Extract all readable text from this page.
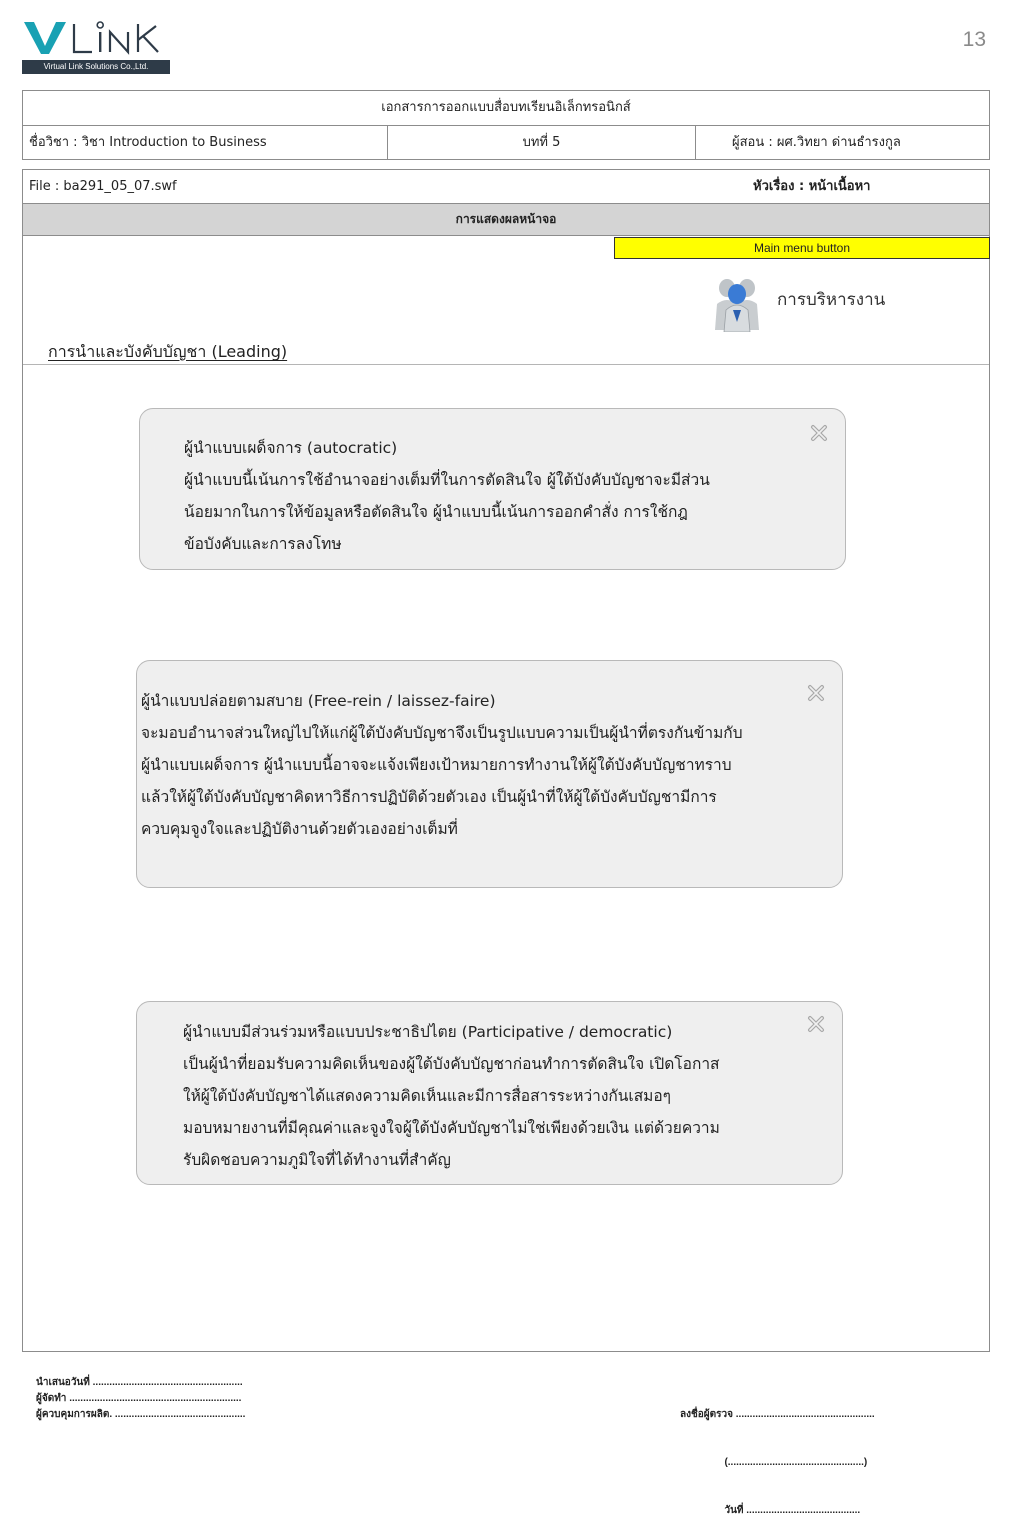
Virtual Link Solutions Co.,Ltd.
13
เอกสารการออกแบบสื่อบทเรียนอิเล็กทรอนิกส์
ชื่อวิชา : วิชา Introduction to Business	บทที่ 5	ผู้สอน : ผศ.วิทยา ด่านธำรงกูล
File : ba291_05_07.swf	หัวเรื่อง : หน้าเนื้อหา
การแสดงผลหน้าจอ
Main menu button
การบริหารงาน
การนำและบังคับบัญชา (Leading)
ผู้นำแบบเผด็จการ (autocratic)
ผู้นำแบบนี้เน้นการใช้อำนาจอย่างเต็มที่ในการตัดสินใจ ผู้ใต้บังคับบัญชาจะมีส่วน
น้อยมากในการให้ข้อมูลหรือตัดสินใจ ผู้นำแบบนี้เน้นการออกคำสั่ง การใช้กฎ
ข้อบังคับและการลงโทษ
ผู้นำแบบปล่อยตามสบาย (Free-rein / laissez-faire)
จะมอบอำนาจส่วนใหญ่ไปให้แก่ผู้ใต้บังคับบัญชาจึงเป็นรูปแบบความเป็นผู้นำที่ตรงกันข้ามกับ
ผู้นำแบบเผด็จการ ผู้นำแบบนี้อาจจะแจ้งเพียงเป้าหมายการทำงานให้ผู้ใต้บังคับบัญชาทราบ
แล้วให้ผู้ใต้บังคับบัญชาคิดหาวิธีการปฏิบัติด้วยตัวเอง เป็นผู้นำที่ให้ผู้ใต้บังคับบัญชามีการ
ควบคุมจูงใจและปฏิบัติงานด้วยตัวเองอย่างเต็มที่
ผู้นำแบบมีส่วนร่วมหรือแบบประชาธิปไตย (Participative / democratic)
เป็นผู้นำที่ยอมรับความคิดเห็นของผู้ใต้บังคับบัญชาก่อนทำการตัดสินใจ เปิดโอกาส
ให้ผู้ใต้บังคับบัญชาได้แสดงความคิดเห็นและมีการสื่อสารระหว่างกันเสมอๆ
มอบหมายงานที่มีคุณค่าและจูงใจผู้ใต้บังคับบัญชาไม่ใช่เพียงด้วยเงิน แต่ด้วยความ
รับผิดชอบความภูมิใจที่ได้ทำงานที่สำคัญ
นำเสนอวันที่ ......................................................
ผู้จัดทำ ..............................................................
ผู้ควบคุมการผลิต. ...............................................

	ลงชื่อผู้ตรวจ ..................................................

(.................................................)

วันที่ .........................................
